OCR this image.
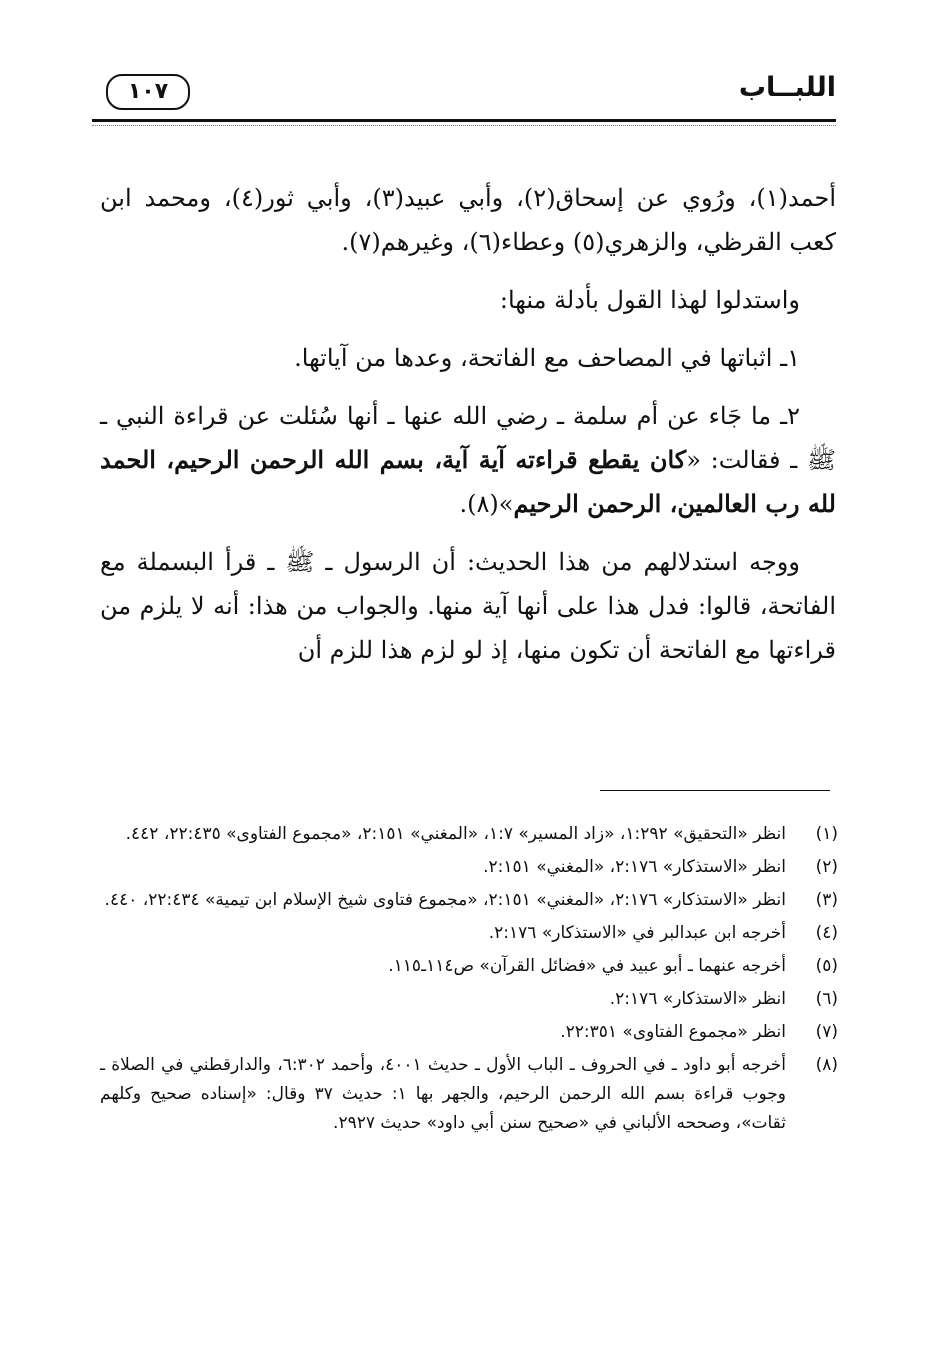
اللبــاب
١٠٧

أحمد(١)، ورُوي عن إسحاق(٢)، وأبي عبيد(٣)، وأبي ثور(٤)، ومحمد ابن كعب القرظي، والزهري(٥) وعطاء(٦)، وغيرهم(٧).

واستدلوا لهذا القول بأدلة منها:

١ـ اثباتها في المصاحف مع الفاتحة، وعدها من آياتها.

٢ـ ما جَاء عن أم سلمة ـ رضي الله عنها ـ أنها سُئلت عن قراءة النبي ـ ﷺ ـ فقالت: «كان يقطع قراءته آية آية، بسم الله الرحمن الرحيم، الحمد لله رب العالمين، الرحمن الرحيم»(٨).

ووجه استدلالهم من هذا الحديث: أن الرسول ـ ﷺ ـ قرأ البسملة مع الفاتحة، قالوا: فدل هذا على أنها آية منها. والجواب من هذا: أنه لا يلزم من قراءتها مع الفاتحة أن تكون منها، إذ لو لزم هذا للزم أن

(١)
انظر «التحقيق» ١:٢٩٢، «زاد المسير» ١:٧، «المغني» ٢:١٥١، «مجموع الفتاوى» ٢٢:٤٣٥، ٤٤٢.
(٢)
انظر «الاستذكار» ٢:١٧٦، «المغني» ٢:١٥١.
(٣)
انظر «الاستذكار» ٢:١٧٦، «المغني» ٢:١٥١، «مجموع فتاوى شيخ الإسلام ابن تيمية» ٢٢:٤٣٤، ٤٤٠.
(٤)
أخرجه ابن عبدالبر في «الاستذكار» ٢:١٧٦.
(٥)
أخرجه عنهما ـ أبو عبيد في «فضائل القرآن» ص١١٤ـ١١٥.
(٦)
انظر «الاستذكار» ٢:١٧٦.
(٧)
انظر «مجموع الفتاوى» ٢٢:٣٥١.
(٨)
أخرجه أبو داود ـ في الحروف ـ الباب الأول ـ حديث ٤٠٠١، وأحمد ٦:٣٠٢، والدارقطني في الصلاة ـ وجوب قراءة بسم الله الرحمن الرحيم، والجهر بها ١: حديث ٣٧ وقال: «إسناده صحيح وكلهم ثقات»، وصححه الألباني في «صحيح سنن أبي داود» حديث ٢٩٢٧.
